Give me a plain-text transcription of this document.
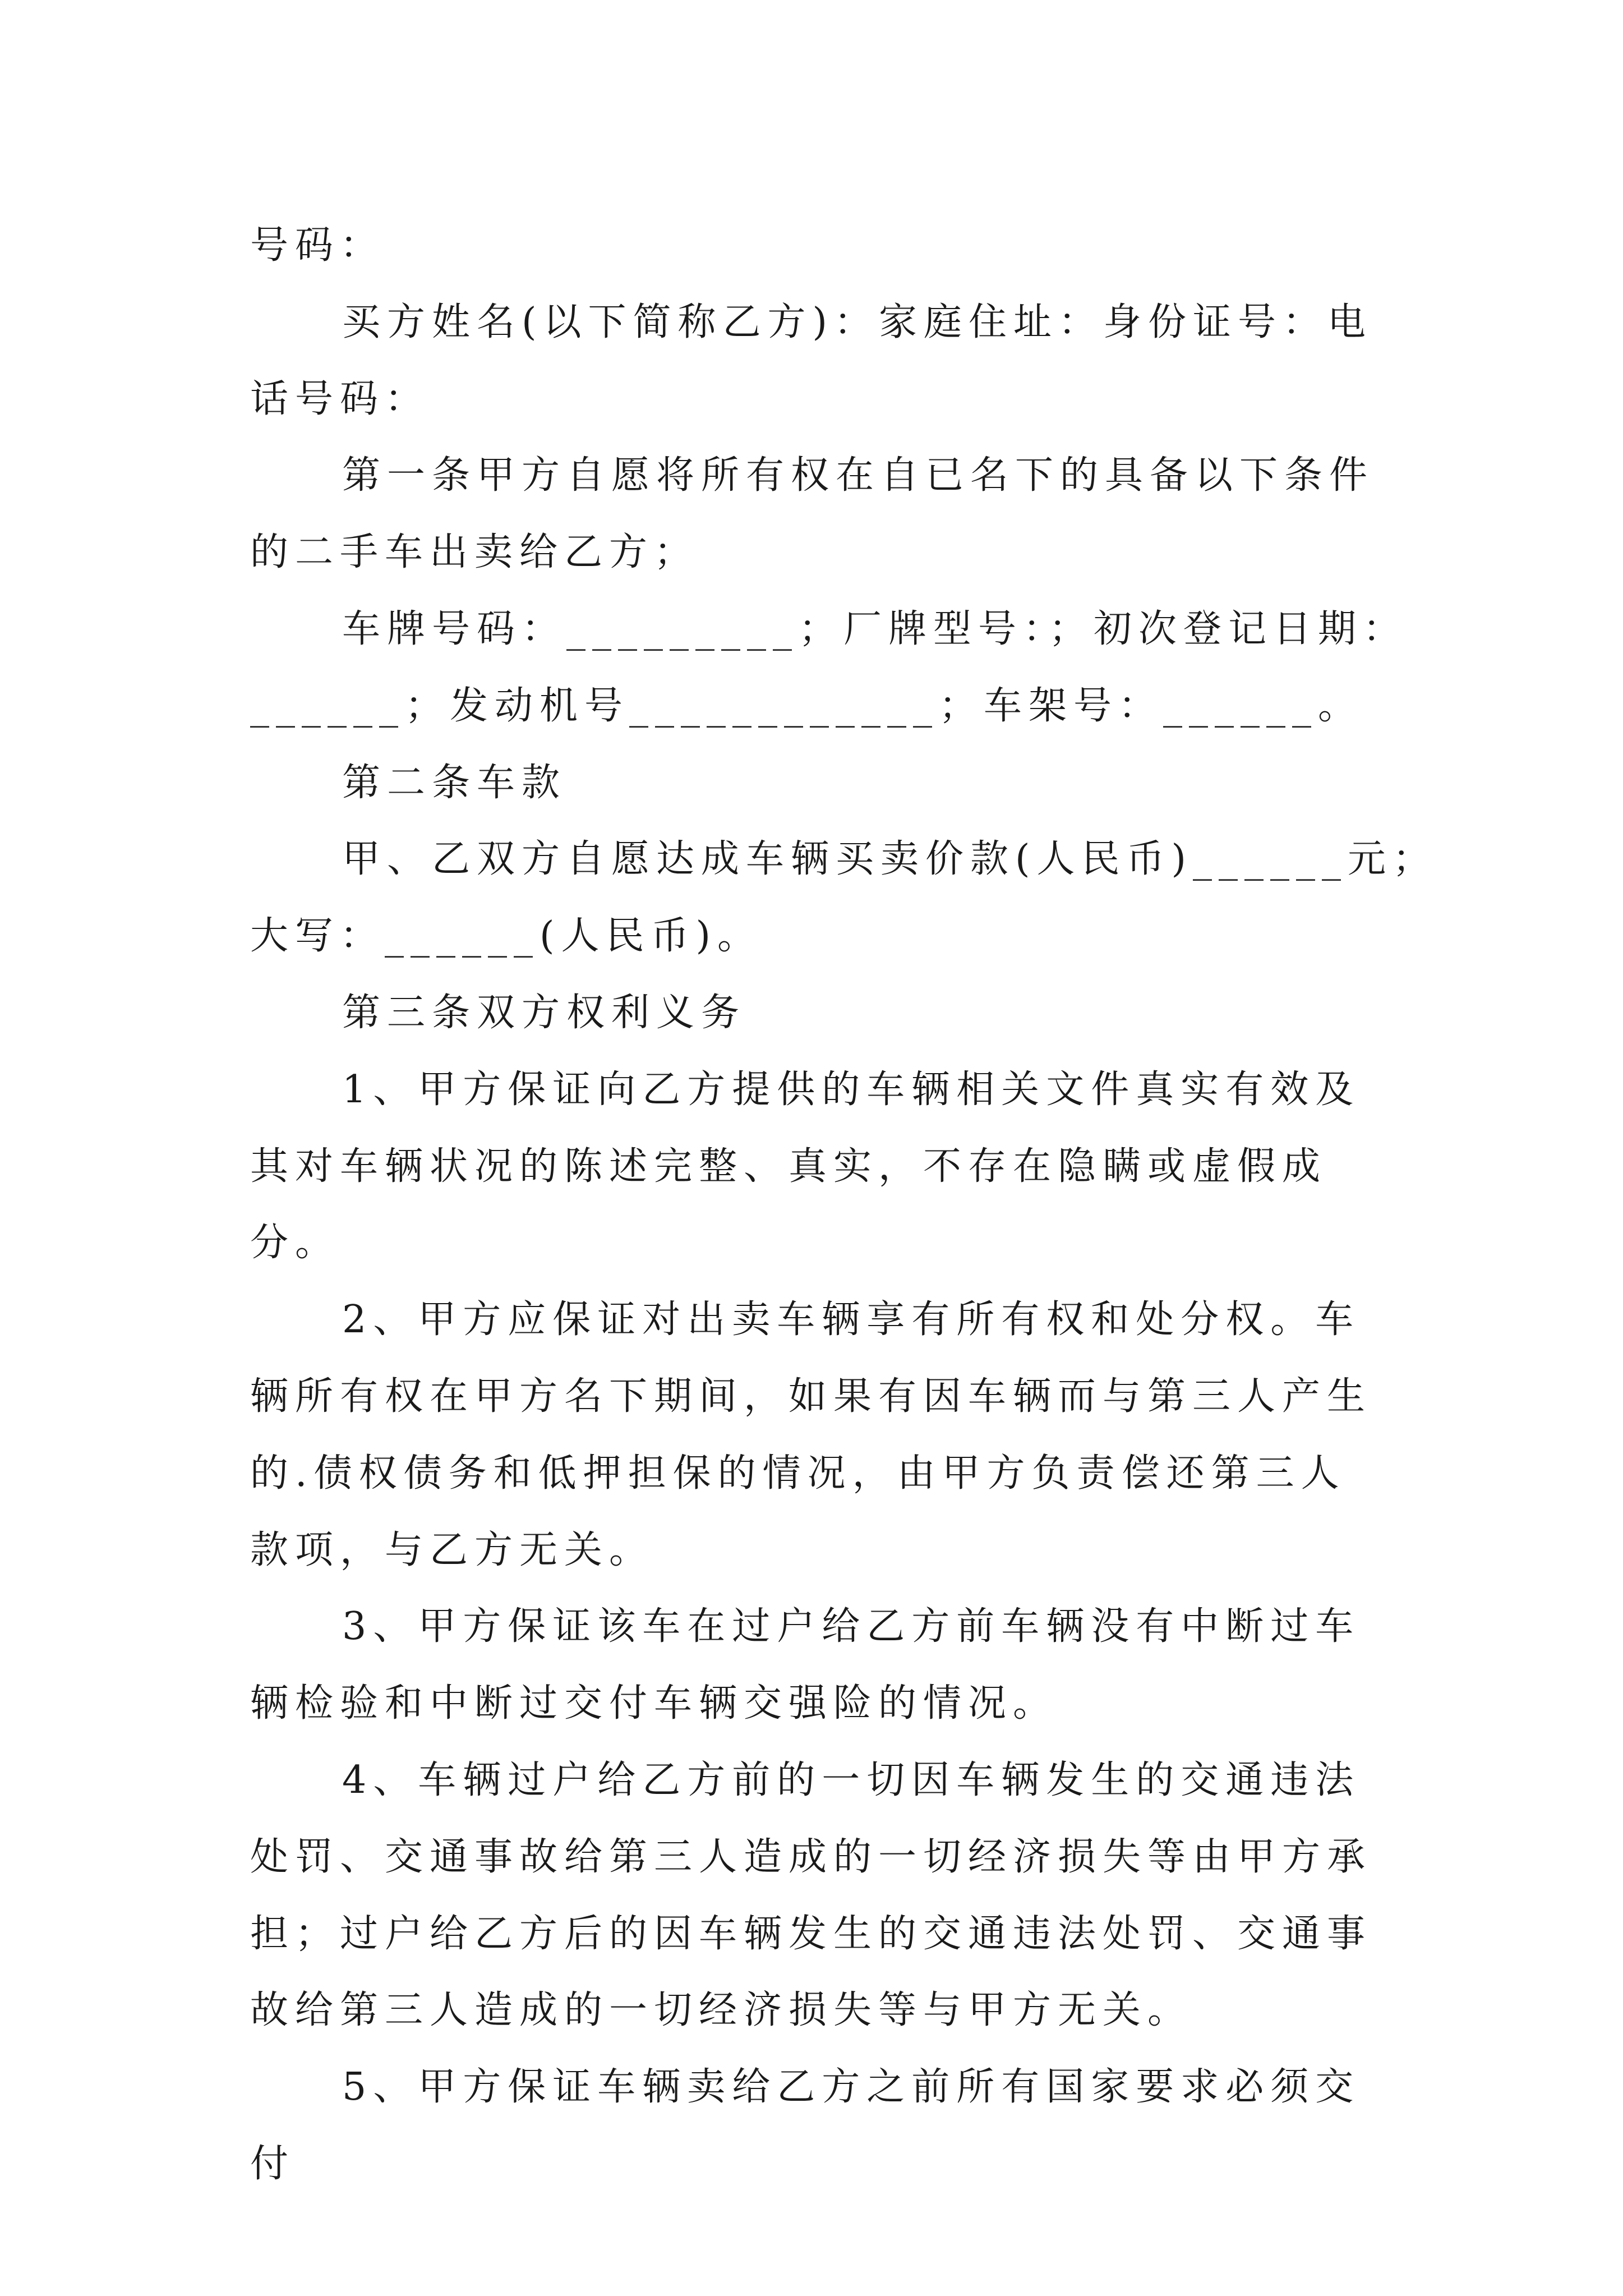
号码：

买方姓名(以下简称乙方)：家庭住址：身份证号：电话号码：

第一条甲方自愿将所有权在自已名下的具备以下条件的二手车出卖给乙方；

车牌号码：_________；厂牌型号：；初次登记日期：

______；发动机号____________；车架号：______。

第二条车款

甲、乙双方自愿达成车辆买卖价款(人民币)______元；

大写：______(人民币)。

第三条双方权利义务

1、甲方保证向乙方提供的车辆相关文件真实有效及其对车辆状况的陈述完整、真实，不存在隐瞒或虚假成分。

2、甲方应保证对出卖车辆享有所有权和处分权。车辆所有权在甲方名下期间，如果有因车辆而与第三人产生的.债权债务和低押担保的情况，由甲方负责偿还第三人款项，与乙方无关。

3、甲方保证该车在过户给乙方前车辆没有中断过车辆检验和中断过交付车辆交强险的情况。

4、车辆过户给乙方前的一切因车辆发生的交通违法处罚、交通事故给第三人造成的一切经济损失等由甲方承担；过户给乙方后的因车辆发生的交通违法处罚、交通事故给第三人造成的一切经济损失等与甲方无关。

5、甲方保证车辆卖给乙方之前所有国家要求必须交付
